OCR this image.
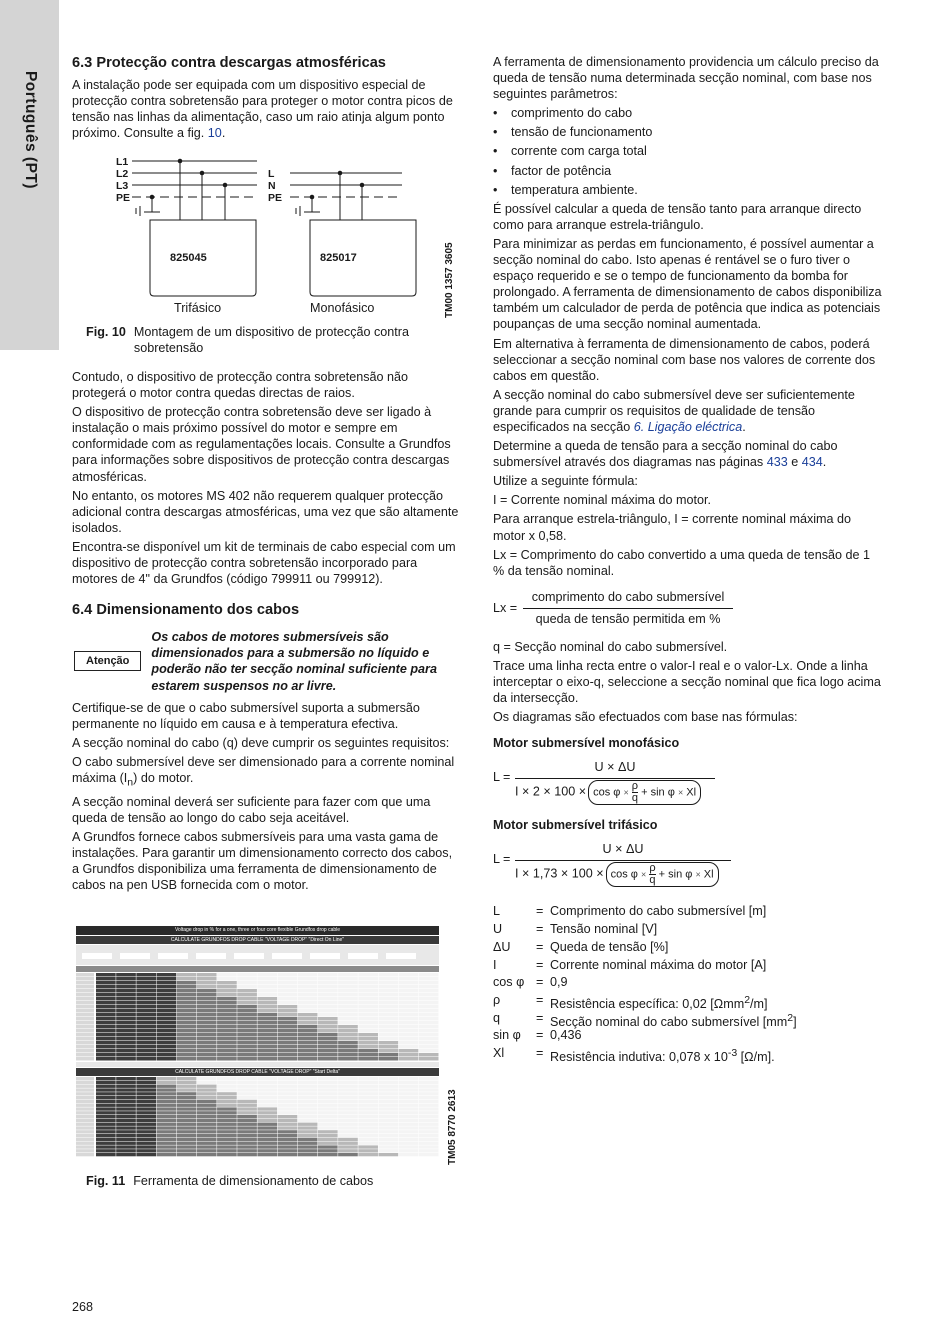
Português (PT)
6.3 Protecção contra descargas atmosféricas

A instalação pode ser equipada com um dispositivo especial de protecção contra sobretensão para proteger o motor contra picos de tensão nas linhas da alimentação, caso um raio atinja algum ponto próximo. Consulte a fig. 10.

L1
L2
L3
PE
L
N
PE
825045	825017
Trifásico	Monofásico	TM00 1357 3605
Fig. 10 Montagem de um dispositivo de protecção contra sobretensão

Contudo, o dispositivo de protecção contra sobretensão não protegerá o motor contra quedas directas de raios.

O dispositivo de protecção contra sobretensão deve ser ligado à instalação o mais próximo possível do motor e sempre em conformidade com as regulamentações locais. Consulte a Grundfos para informações sobre dispositivos de protecção contra descargas atmosféricas.

No entanto, os motores MS 402 não requerem qualquer protecção adicional contra descargas atmosféricas, uma vez que são altamente isolados.

Encontra-se disponível um kit de terminais de cabo especial com um dispositivo de protecção contra sobretensão incorporado para motores de 4" da Grundfos (código 799911 ou 799912).

6.4 Dimensionamento dos cabos
Atenção
Os cabos de motores submersíveis são dimensionados para a submersão no líquido e poderão não ter secção nominal suficiente para estarem suspensos no ar livre.

Certifique-se de que o cabo submersível suporta a submersão permanente no líquido em causa e à temperatura efectiva.

A secção nominal do cabo (q) deve cumprir os seguintes requisitos:

O cabo submersível deve ser dimensionado para a corrente nominal máxima $(I_n)$ do motor.

A secção nominal deverá ser suficiente para fazer com que uma queda de tensão ao longo do cabo seja aceitável.

A Grundfos fornece cabos submersíveis para uma vasta gama de instalações. Para garantir um dimensionamento correcto dos cabos, a Grundfos disponibiliza uma ferramenta de dimensionamento de cabos na pen USB fornecida com o motor.

Voltage drop in % for a one, three or four core flexible Grundfos drop cable
CALCULATE GRUNDFOS DROP CABLE "VOLTAGE DROP" "Direct On Line"
CALCULATE GRUNDFOS DROP CABLE "VOLTAGE DROP" "Start Delta"
TM05 8770 2613
Fig. 11 Ferramenta de dimensionamento de cabos

A ferramenta de dimensionamento providencia um cálculo preciso da queda de tensão numa determinada secção nominal, com base nos seguintes parâmetros:

• comprimento do cabo
• tensão de funcionamento
• corrente com carga total
• factor de potência
• temperatura ambiente.

É possível calcular a queda de tensão tanto para arranque directo como para arranque estrela-triângulo.

Para minimizar as perdas em funcionamento, é possível aumentar a secção nominal do cabo. Isto apenas é rentável se o furo tiver o espaço requerido e se o tempo de funcionamento da bomba for prolongado. A ferramenta de dimensionamento de cabos disponibiliza também um calculador de perda de potência que indica as potenciais poupanças de uma secção nominal aumentada.

Em alternativa à ferramenta de dimensionamento de cabos, poderá seleccionar a secção nominal com base nos valores de corrente dos cabos em questão.

A secção nominal do cabo submersível deve ser suficientemente grande para cumprir os requisitos de qualidade de tensão especificados na secção 6. Ligação eléctrica.

Determine a queda de tensão para a secção nominal do cabo submersível através dos diagramas nas páginas 433 e 434.

Utilize a seguinte fórmula:

I = Corrente nominal máxima do motor.

Para arranque estrela-triângulo, I = corrente nominal máxima do motor x 0,58.

Lx = Comprimento do cabo convertido a uma queda de tensão de 1 % da tensão nominal.

Lx =
comprimento do cabo submersível
queda de tensão permitida em %

q = Secção nominal do cabo submersível.

Trace uma linha recta entre o valor-I real e o valor-Lx. Onde a linha interceptar o eixo-q, seleccione a secção nominal que fica logo acima da intersecção.

Os diagramas são efectuados com base nas fórmulas:

Motor submersível monofásico
L =
U × ΔU
$I \times 2 \times 100 \times \cos \varphi \times \frac{\rho}{q} + \sin \varphi \times Xl$
Motor submersível trifásico
L =
U × ΔU
$I \times 1,73 \times 100 \times \cos \varphi \times \frac{\rho}{q} + \sin \varphi \times Xl$
L	= Comprimento do cabo submersível [m]
U	= Tensão nominal [V]
ΔU	= Queda de tensão [%]
I	= Corrente nominal máxima do motor [A]
cos φ = 0,9
ρ	= Resistência específica: 0,02 [Ωmm$^2$/m]
q	= Secção nominal do cabo submersível $[mm^2]$
sin φ	= 0,436
Xl	= Resistência indutiva: 0,078 x $10^{-3}$ [Ω/m].
268
